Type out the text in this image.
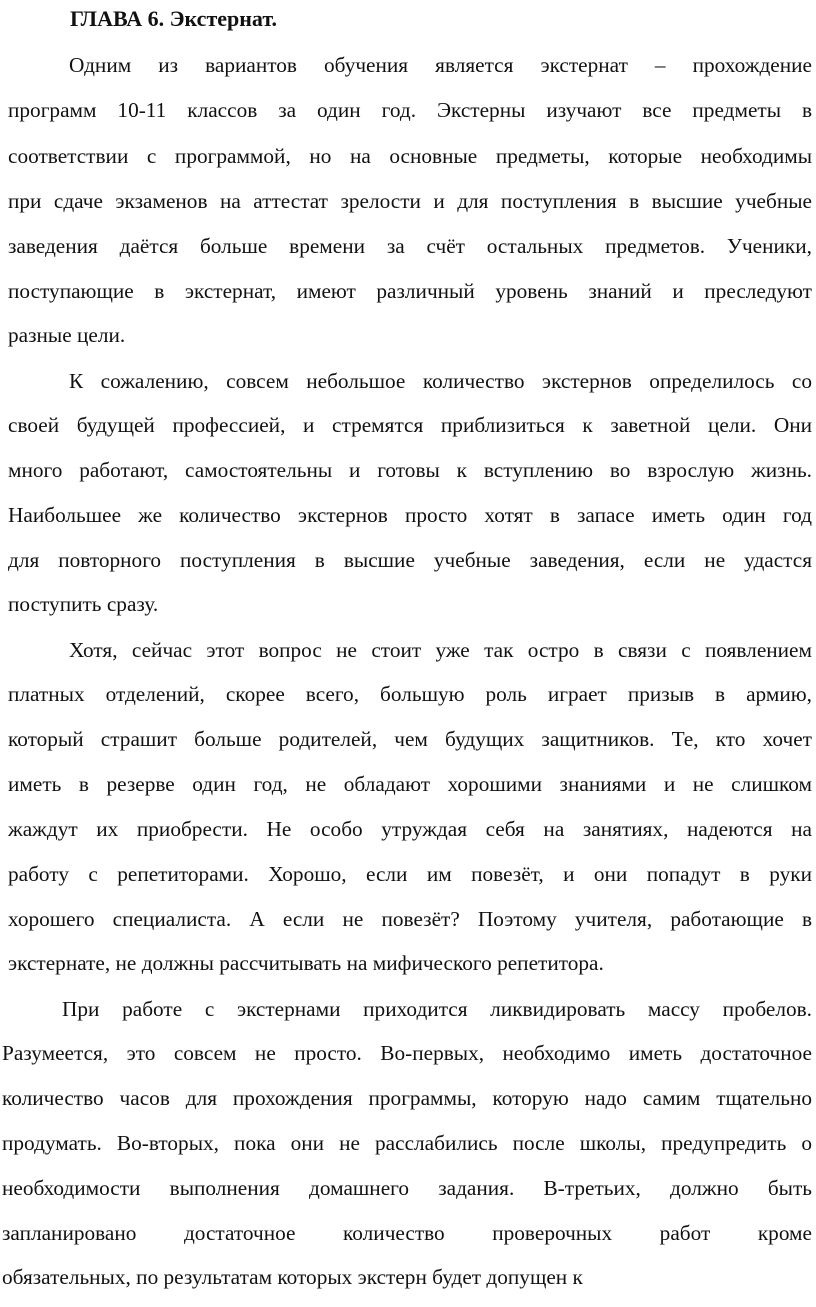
ГЛАВА 6. Экстернат.

Одним из вариантов обучения является экстернат – прохождение

программ 10-11 классов за один год. Экстерны изучают все предметы в

соответствии с программой, но на основные предметы, которые необходимы

при сдаче экзаменов на аттестат зрелости и для поступления в высшие учебные

заведения даётся больше времени за счёт остальных предметов. Ученики,

поступающие в экстернат, имеют различный уровень знаний и преследуют

разные цели.

К сожалению, совсем небольшое количество экстернов определилось со

своей будущей профессией, и стремятся приблизиться к заветной цели. Они

много работают, самостоятельны и готовы к вступлению во взрослую жизнь.

Наибольшее же количество экстернов просто хотят в запасе иметь один год

для повторного поступления в высшие учебные заведения, если не удастся

поступить сразу.

Хотя, сейчас этот вопрос не стоит уже так остро в связи с появлением

платных отделений, скорее всего, большую роль играет призыв в армию,

который страшит больше родителей, чем будущих защитников. Те, кто хочет

иметь в резерве один год, не обладают хорошими знаниями и не слишком

жаждут их приобрести. Не особо утруждая себя на занятиях, надеются на

работу с репетиторами. Хорошо, если им повезёт, и они попадут в руки

хорошего специалиста. А если не повезёт? Поэтому учителя, работающие в

экстернате, не должны рассчитывать на мифического репетитора.

При работе с экстернами приходится ликвидировать массу пробелов.

Разумеется, это совсем не просто. Во-первых, необходимо иметь достаточное

количество часов для прохождения программы, которую надо самим тщательно

продумать. Во-вторых, пока они не расслабились после школы, предупредить о

необходимости выполнения домашнего задания. В-третьих, должно быть

запланировано достаточное количество проверочных работ кроме

обязательных, по результатам которых экстерн будет допущен к
